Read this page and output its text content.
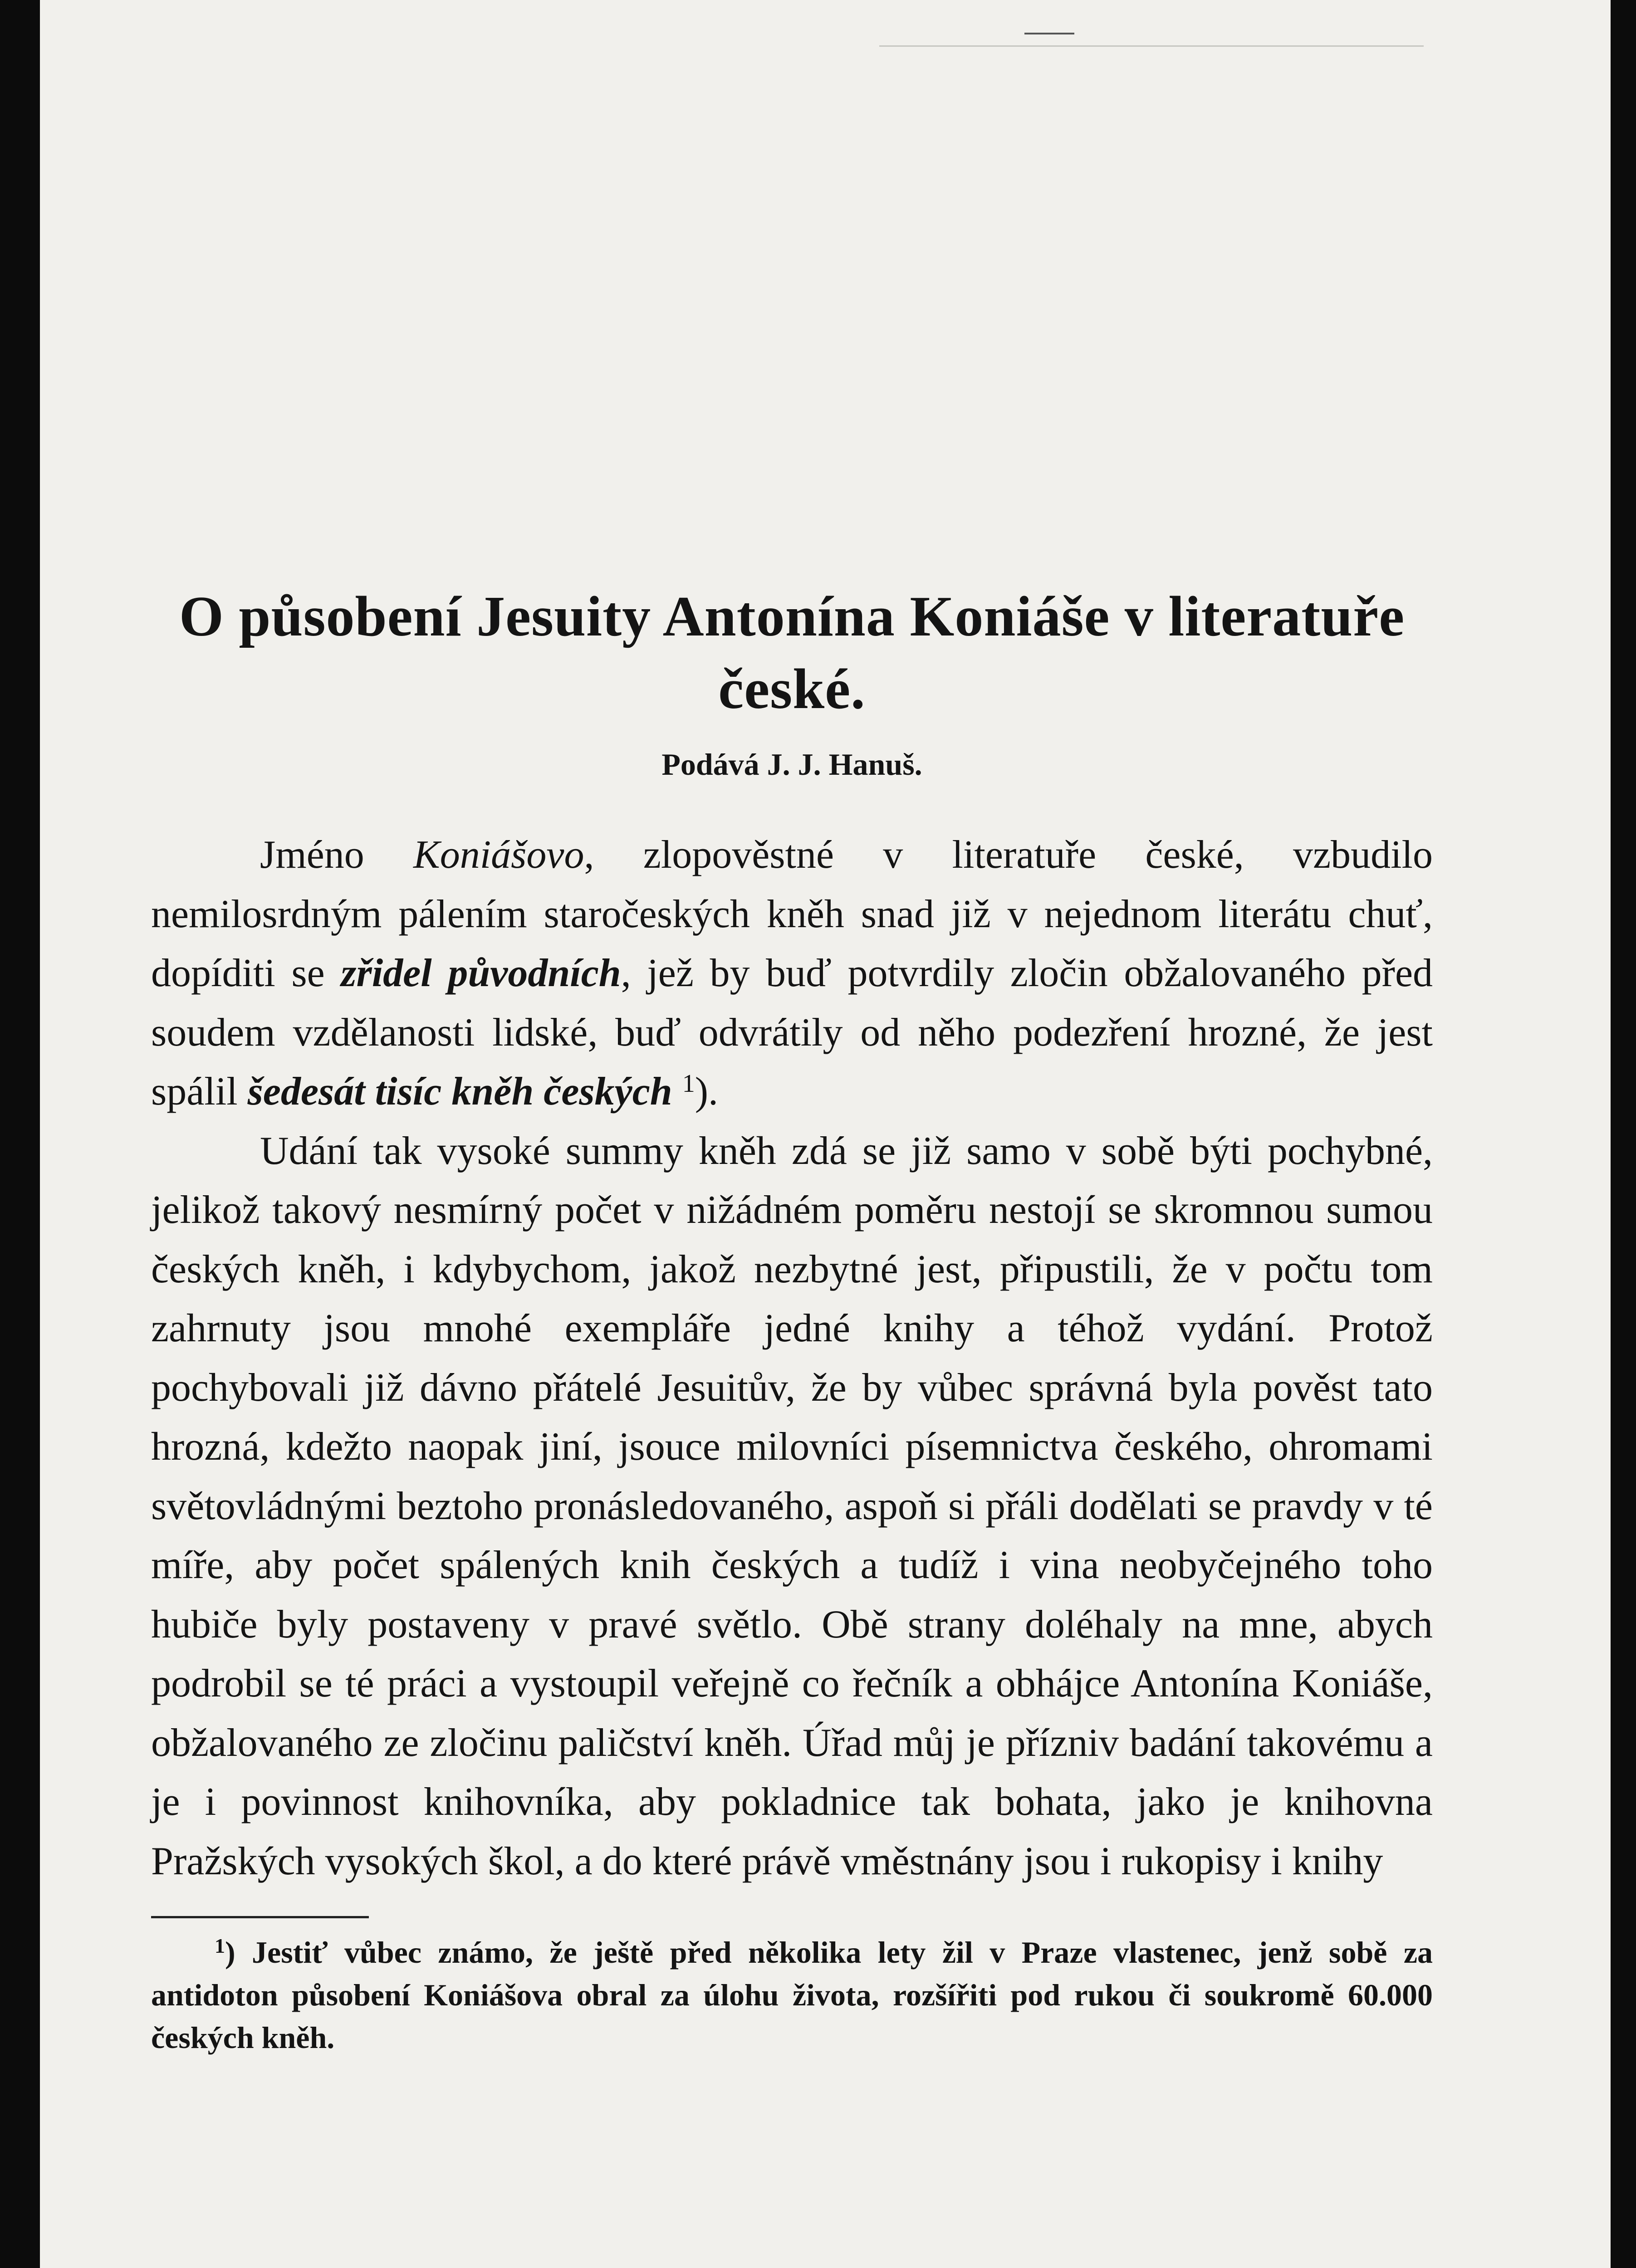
O působení Jesuity Antonína Koniáše v literatuře české.
Podává J. J. Hanuš.

Jméno Koniášovo, zlopověstné v literatuře české, vzbudilo nemilosrdným pálením staročeských kněh snad již v nejednom literátu chuť, dopíditi se zřidel původních, jež by buď potvrdily zločin obžalovaného před soudem vzdělanosti lidské, buď odvrátily od něho podezření hrozné, že jest spálil šedesát tisíc kněh českých $^1$).

Udání tak vysoké summy kněh zdá se již samo v sobě býti pochybné, jelikož takový nesmírný počet v nižádném poměru nestojí se skromnou sumou českých kněh, i kdybychom, jakož nezbytné jest, připustili, že v počtu tom zahrnuty jsou mnohé exempláře jedné knihy a téhož vydání. Protož pochybovali již dávno přátelé Jesuitův, že by vůbec správná byla pověst tato hrozná, kdežto naopak jiní, jsouce milovníci písemnictva českého, ohromami světovládnými beztoho pronásledovaného, aspoň si přáli dodělati se pravdy v té míře, aby počet spálených knih českých a tudíž i vina neobyčejného toho hubiče byly postaveny v pravé světlo. Obě strany doléhaly na mne, abych podrobil se té práci a vystoupil veřejně co řečník a obhájce Antonína Koniáše, obžalovaného ze zločinu paličství kněh. Úřad můj je přízniv badání takovému a je i povinnost knihovníka, aby pokladnice tak bohata, jako je knihovna Pražských vysokých škol, a do které právě vměstnány jsou i rukopisy i knihy

$^1$) Jestiť vůbec známo, že ještě před několika lety žil v Praze vlastenec, jenž sobě za antidoton působení Koniášova obral za úlohu života, rozšířiti pod rukou či soukromě 60.000 českých kněh.
